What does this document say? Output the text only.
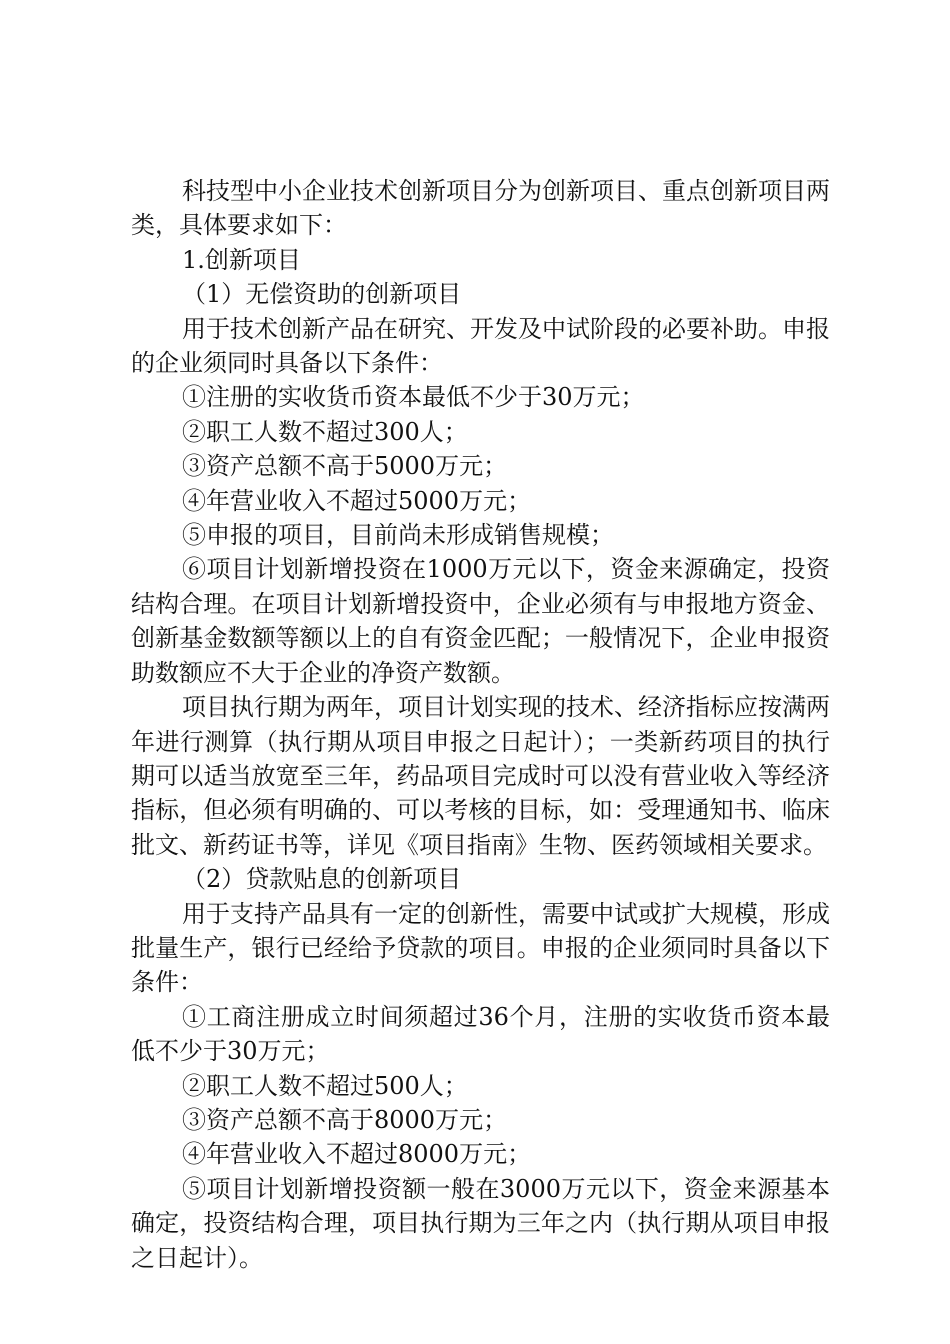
科技型中小企业技术创新项目分为创新项目、重点创新项目两类，具体要求如下：

1.创新项目

（1）无偿资助的创新项目

用于技术创新产品在研究、开发及中试阶段的必要补助。申报的企业须同时具备以下条件：

①注册的实收货币资本最低不少于30万元；

②职工人数不超过300人；

③资产总额不高于5000万元；

④年营业收入不超过5000万元；

⑤申报的项目，目前尚未形成销售规模；

⑥项目计划新增投资在1000万元以下，资金来源确定，投资结构合理。在项目计划新增投资中，企业必须有与申报地方资金、创新基金数额等额以上的自有资金匹配；一般情况下，企业申报资助数额应不大于企业的净资产数额。

项目执行期为两年，项目计划实现的技术、经济指标应按满两年进行测算（执行期从项目申报之日起计）；一类新药项目的执行期可以适当放宽至三年，药品项目完成时可以没有营业收入等经济指标，但必须有明确的、可以考核的目标，如：受理通知书、临床批文、新药证书等，详见《项目指南》生物、医药领域相关要求。

（2）贷款贴息的创新项目

用于支持产品具有一定的创新性，需要中试或扩大规模，形成批量生产，银行已经给予贷款的项目。申报的企业须同时具备以下条件：

①工商注册成立时间须超过36个月，注册的实收货币资本最低不少于30万元；

②职工人数不超过500人；

③资产总额不高于8000万元；

④年营业收入不超过8000万元；

⑤项目计划新增投资额一般在3000万元以下，资金来源基本确定，投资结构合理，项目执行期为三年之内（执行期从项目申报之日起计）。
